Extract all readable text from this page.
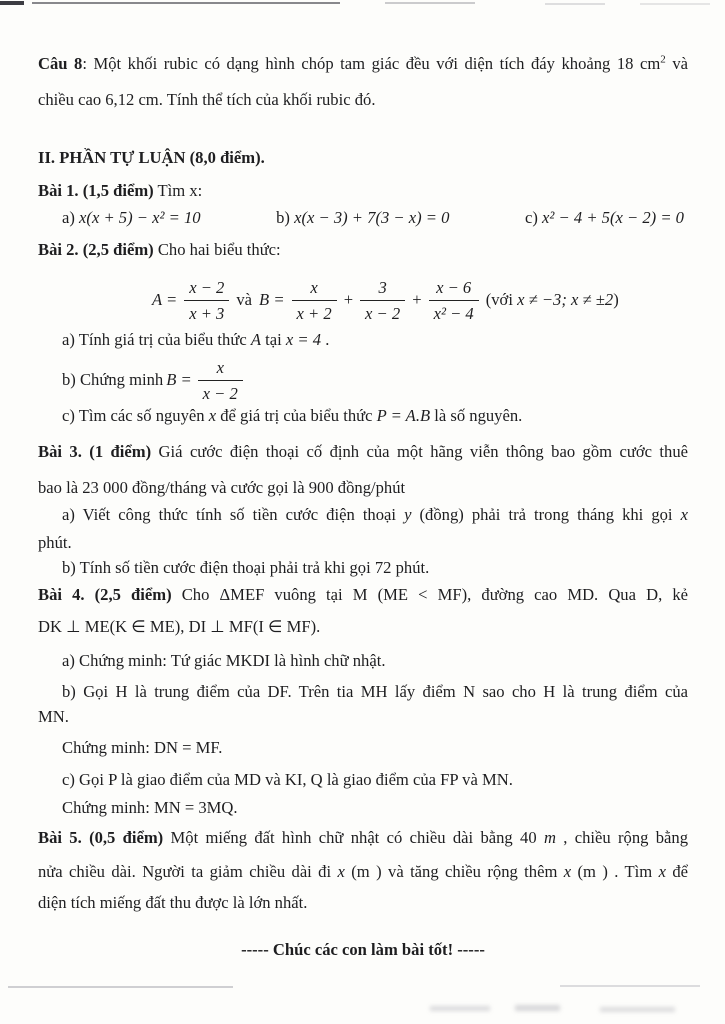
Câu 8: Một khối rubic có dạng hình chóp tam giác đều với diện tích đáy khoảng 18 $cm^2$ và
chiều cao 6,12 cm. Tính thể tích của khối rubic đó.
II. PHẦN TỰ LUẬN (8,0 điểm).
Bài 1. (1,5 điểm) Tìm x:
a) x(x + 5) − x² = 10	b) x(x − 3) + 7(3 − x) = 0	c) x² − 4 + 5(x − 2) = 0
Bài 2. (2,5 điểm) Cho hai biểu thức:
$A = \frac{x - 2}{x + 3}$ và $B = \frac{x}{x + 2} + \frac{3}{x - 2} + \frac{x - 6}{\text{x² − 4}}$ (với x ≠ −3; x ≠ ±2)
a) Tính giá trị của biểu thức A tại x = 4 .
b) Chứng minh $B = \frac{x}{x - 2}$
c) Tìm các số nguyên x để giá trị của biểu thức P = A.B là số nguyên.
Bài 3. (1 điểm) Giá cước điện thoại cố định của một hãng viễn thông bao gồm cước thuê
bao là 23 000 đồng/tháng và cước gọi là 900 đồng/phút
a) Viết công thức tính số tiền cước điện thoại y (đồng) phải trả trong tháng khi gọi x
phút.
b) Tính số tiền cước điện thoại phải trả khi gọi 72 phút.
Bài 4. (2,5 điểm) Cho ΔMEF vuông tại M (ME < MF), đường cao MD. Qua D, kẻ
DK ⊥ ME(K ∈ ME), DI ⊥ MF(I ∈ MF).
a) Chứng minh: Tứ giác MKDI là hình chữ nhật.
b) Gọi H là trung điểm của DF. Trên tia MH lấy điểm N sao cho H là trung điểm của
MN.
Chứng minh: DN = MF.
c) Gọi P là giao điểm của MD và KI, Q là giao điểm của FP và MN.
Chứng minh: MN = 3MQ.
Bài 5. (0,5 điểm) Một miếng đất hình chữ nhật có chiều dài bằng 40 m , chiều rộng bằng
nửa chiều dài. Người ta giảm chiều dài đi x (m ) và tăng chiều rộng thêm x (m ) . Tìm x để
diện tích miếng đất thu được là lớn nhất.
----- Chúc các con làm bài tốt! -----
